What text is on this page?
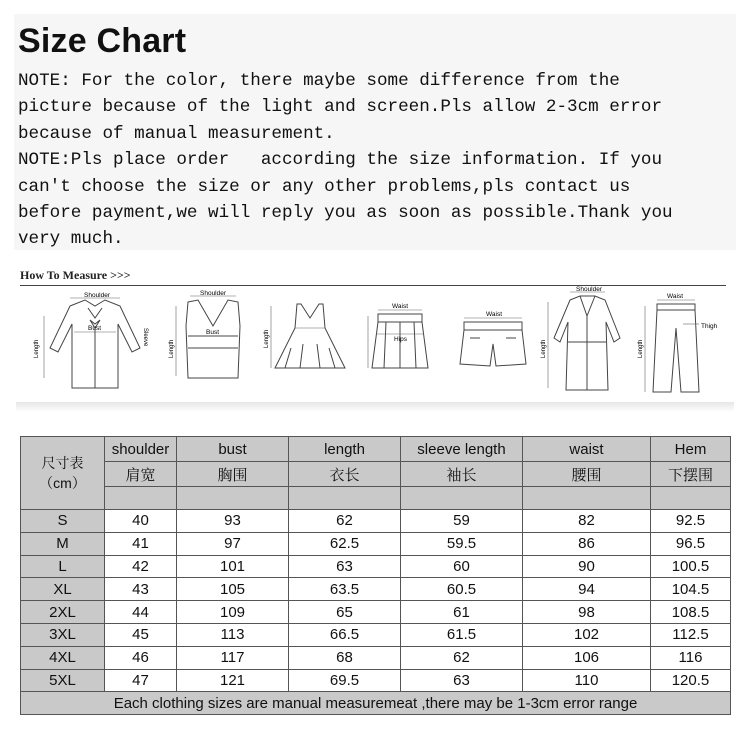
Size Chart

NOTE: For the color, there maybe some difference from the

picture because of the light and screen.Pls allow 2-3cm error

because of manual measurement.

NOTE:Pls place order   according the size information. If you

can't choose the size or any other problems,pls contact us

before payment,we will reply you as soon as possible.Thank you

very much.

How To Measure >>>
Shoulder
Bust
Length
Sleeve
Shoulder
Bust
Length
Length
Waist
Hips
Waist
Shoulder
Length
Waist
Thigh
Length
尺寸表
（cm）	shoulder	bust	length	sleeve length	waist	Hem
	肩宽	胸围	衣长	袖长	腰围	下摆围

S	40	93	62	59	82	92.5
M	41	97	62.5	59.5	86	96.5
L	42	101	63	60	90	100.5
XL	43	105	63.5	60.5	94	104.5
2XL	44	109	65	61	98	108.5
3XL	45	113	66.5	61.5	102	112.5
4XL	46	117	68	62	106	116
5XL	47	121	69.5	63	110	120.5
Each clothing sizes are manual measuremeat ,there may be 1-3cm error range						
